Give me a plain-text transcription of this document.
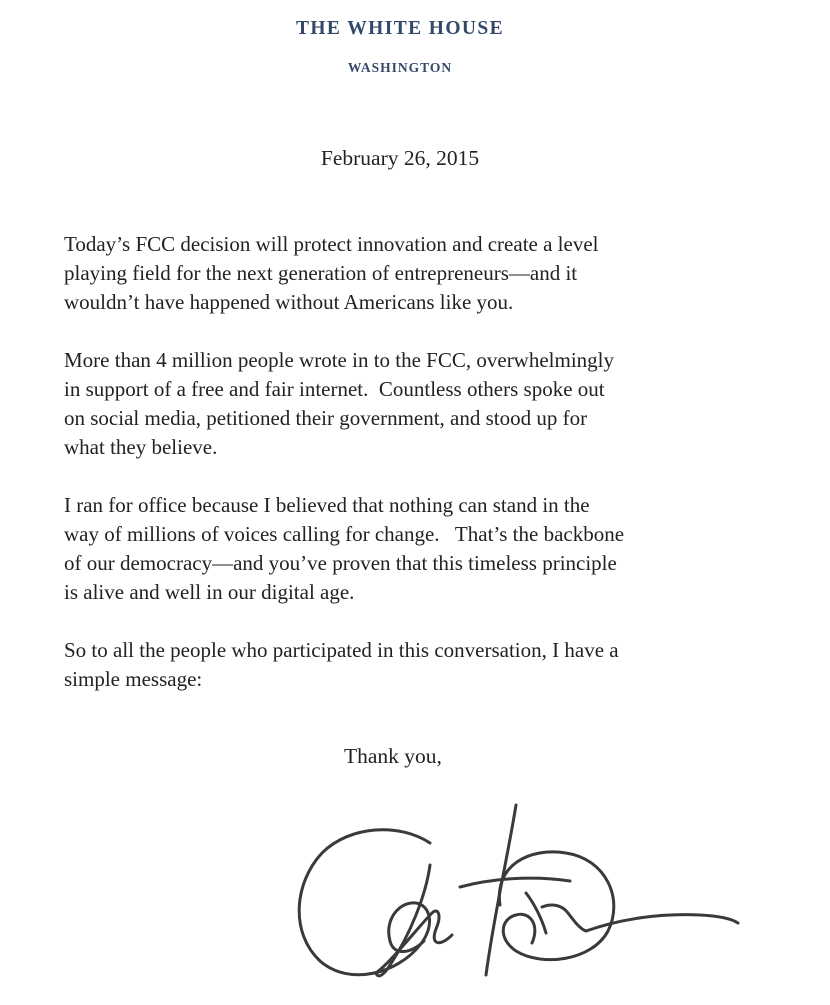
THE WHITE HOUSE
WASHINGTON
February 26, 2015

Today’s FCC decision will protect innovation and create a level
playing field for the next generation of entrepreneurs—and it
wouldn’t have happened without Americans like you.

More than 4 million people wrote in to the FCC, overwhelmingly
in support of a free and fair internet.  Countless others spoke out
on social media, petitioned their government, and stood up for
what they believe.

I ran for office because I believed that nothing can stand in the
way of millions of voices calling for change.   That’s the backbone
of our democracy—and you’ve proven that this timeless principle
is alive and well in our digital age.

So to all the people who participated in this conversation, I have a
simple message:

Thank you,
